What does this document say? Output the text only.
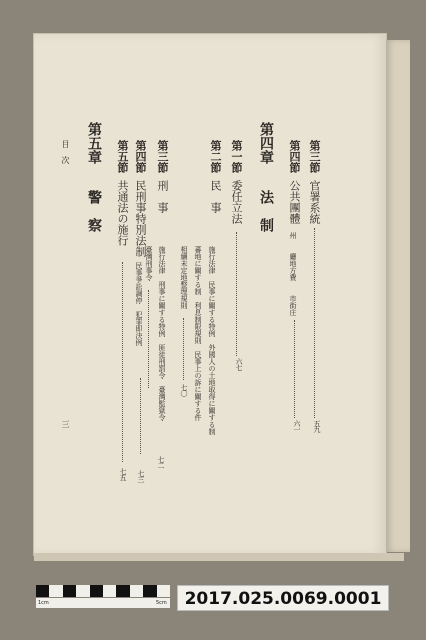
第三節
官署系統
五九
第四節
公共團體
州　　廳地方費　　市街庄
六一
第四章
法　制
第一節
委任立法
六七
第二節
民　事
施行法律　民事に關する特例　外國人の土地取得に關する制
蕃地に關する制　利息制限規則　民事上の訴に關する件
相續未定地整理規則
七〇
第三節
刑　事
施行法律　刑事に關する特例　匪徒刑罰令　臺灣監獄令
臺灣刑事令
七二
第四節
民刑事特別法制
民事爭訟調停　犯罪即決例
七三
第五節
共通法の施行
七五
第五章
警　察
目　次
三
1cm	5cm	2017.025.0069.0001
